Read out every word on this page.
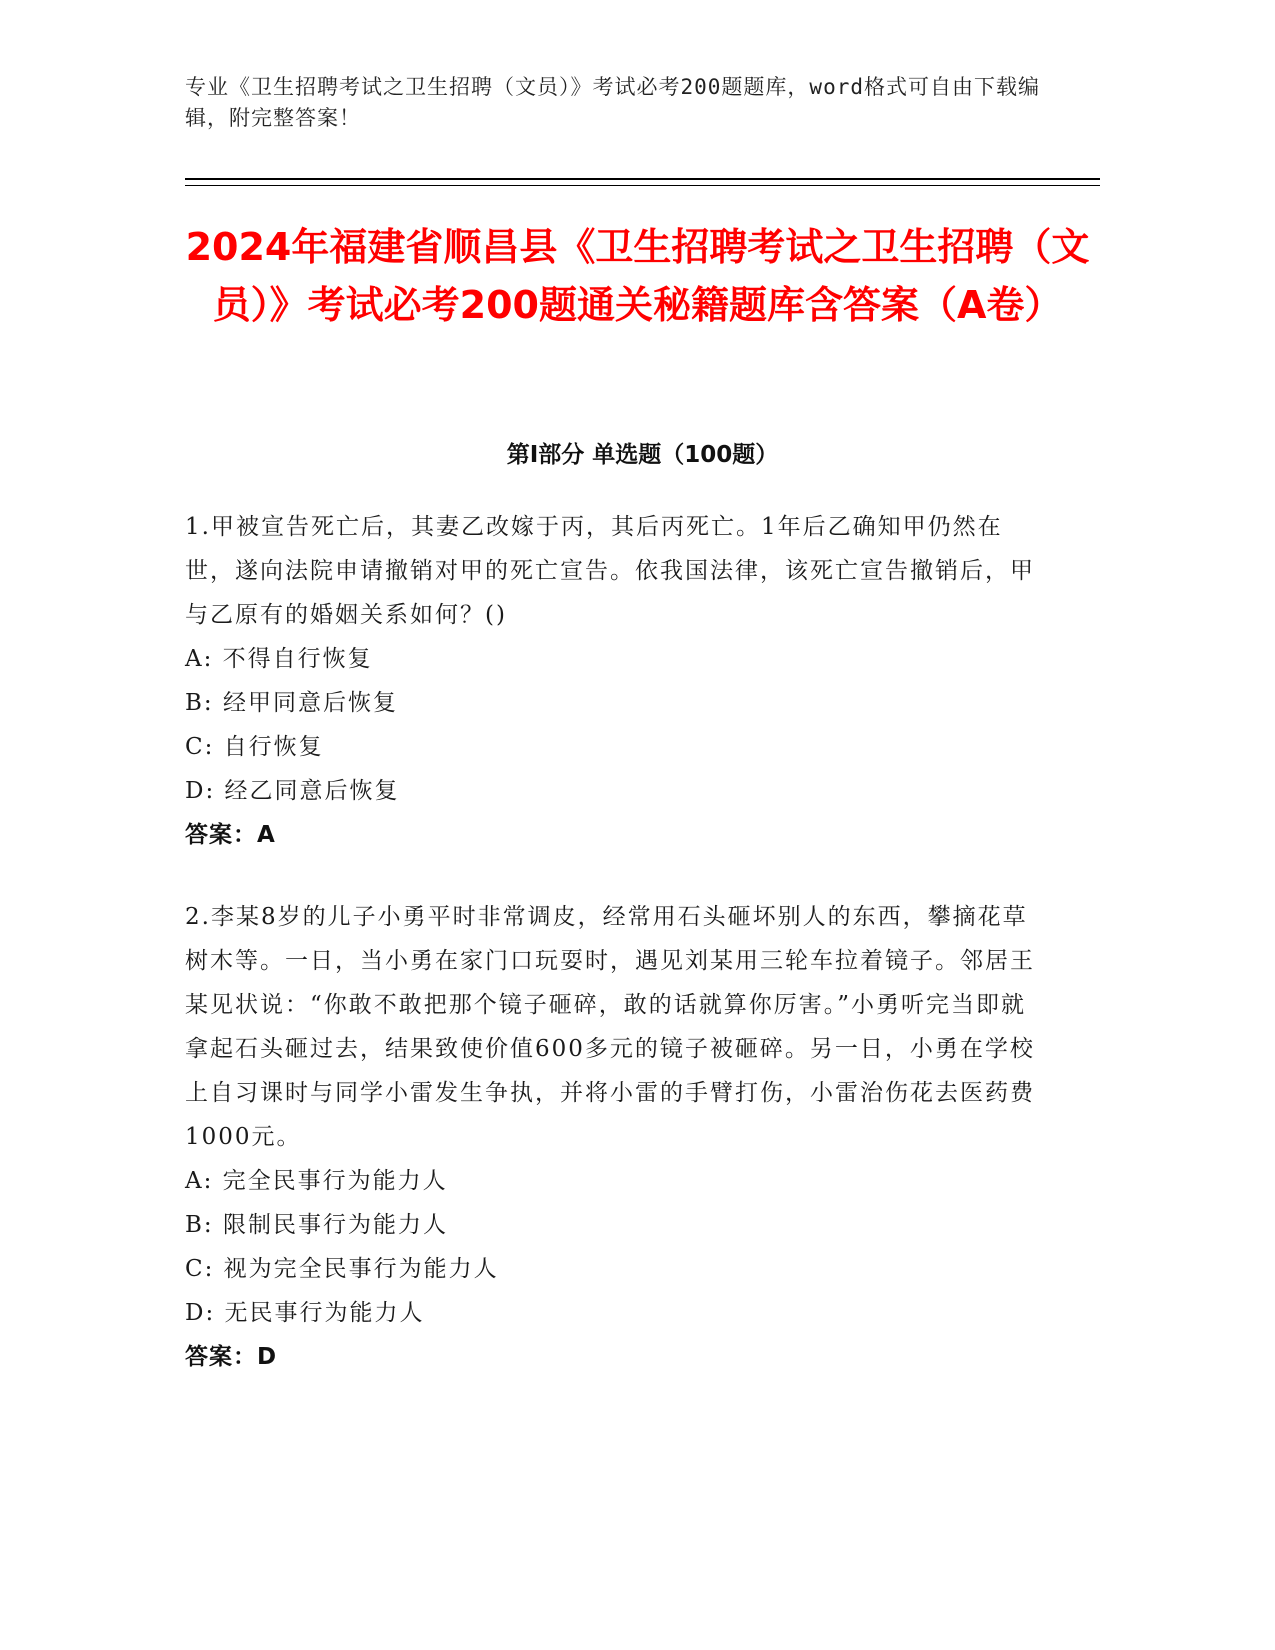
专业《卫生招聘考试之卫生招聘（文员）》考试必考200题题库，word格式可自由下载编辑，附完整答案！
2024年福建省顺昌县《卫生招聘考试之卫生招聘（文员）》考试必考200题通关秘籍题库含答案（A卷）
第I部分 单选题（100题）

1.甲被宣告死亡后，其妻乙改嫁于丙，其后丙死亡。1年后乙确知甲仍然在世，遂向法院申请撤销对甲的死亡宣告。依我国法律，该死亡宣告撤销后，甲与乙原有的婚姻关系如何？()

A: 不得自行恢复

B: 经甲同意后恢复

C: 自行恢复

D: 经乙同意后恢复

答案：A

2.李某8岁的儿子小勇平时非常调皮，经常用石头砸坏别人的东西，攀摘花草树木等。一日，当小勇在家门口玩耍时，遇见刘某用三轮车拉着镜子。邻居王某见状说：“你敢不敢把那个镜子砸碎，敢的话就算你厉害。”小勇听完当即就拿起石头砸过去，结果致使价值600多元的镜子被砸碎。另一日，小勇在学校上自习课时与同学小雷发生争执，并将小雷的手臂打伤，小雷治伤花去医药费1000元。

A: 完全民事行为能力人

B: 限制民事行为能力人

C: 视为完全民事行为能力人

D: 无民事行为能力人

答案：D
